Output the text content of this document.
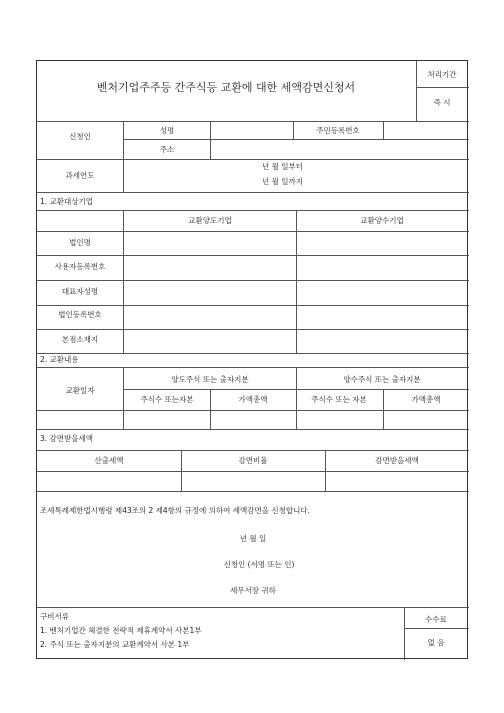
벤처기업주주등 간주식등 교환에 대한 세액감면신청서
처리기간
즉 시
신청인
성명	주민등록번호
주소
과세연도
년 월 일부터
년 월 일까지
1. 교환대상기업
교환양도기업	교환양수기업
법인명
사용자등록번호
대표자성명
법인등록번호
본점소재지
2. 교환내용
교환일자
양도주식 또는 출자지분	양수주식 또는 출자지분
주식수 또는자본	가액총액	주식수 또는 자본	가액총액
3. 감면받을세액
산출세액	감면비율	감면받을세액
조세특례제한법시행령 제43조의 2 제4항의 규정에 의하여 세액감면을 신청합니다.
년 월 일
신청인 (서명 또는 인)
세무서장 귀하
구비서류
1. 벤처기업간 체결한 전략적 제휴계약서 사본1부
2. 주식 또는 출자지분의 교환계약서 사본 1부
수수료
없 음
